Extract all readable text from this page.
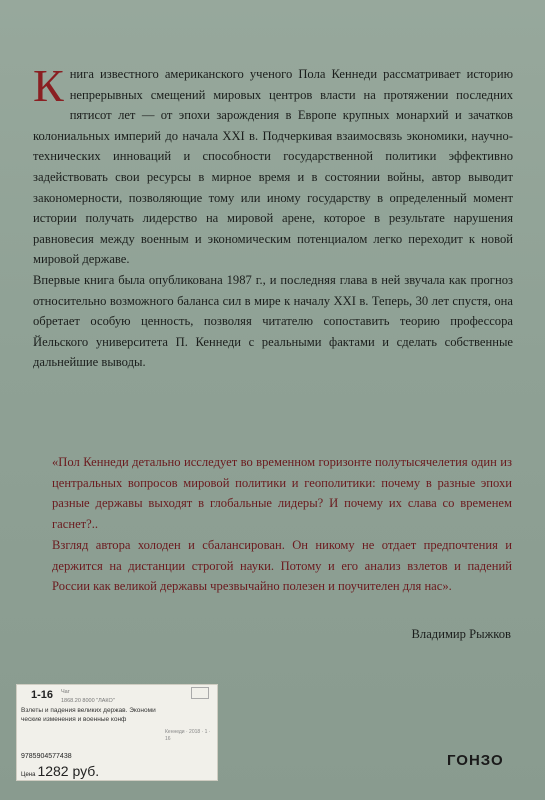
Книга известного американского ученого Пола Кеннеди рассматривает историю непрерывных смещений мировых центров власти на протяжении последних пятисот лет — от эпохи зарождения в Европе крупных монархий и зачатков колониальных империй до начала XXI в. Подчеркивая взаимосвязь экономики, научно-технических инноваций и способности государственной политики эффективно задействовать свои ресурсы в мирное время и в состоянии войны, автор выводит закономерности, позволяющие тому или иному государству в определенный момент истории получать лидерство на мировой арене, которое в результате нарушения равновесия между военным и экономическим потенциалом легко переходит к новой мировой державе.

Впервые книга была опубликована 1987 г., и последняя глава в ней звучала как прогноз относительно возможного баланса сил в мире к началу XXI в. Теперь, 30 лет спустя, она обретает особую ценность, позволяя читателю сопоставить теорию профессора Йельского университета П. Кеннеди с реальными фактами и сделать собственные дальнейшие выводы.

«Пол Кеннеди детально исследует во временном горизонте полутысячелетия один из центральных вопросов мировой политики и геополитики: почему в разные эпохи разные державы выходят в глобальные лидеры? И почему их слава со временем гаснет?..

Взгляд автора холоден и сбалансирован. Он никому не отдает предпочтения и держится на дистанции строгой науки. Потому и его анализ взлетов и падений России как великой державы чрезвычайно полезен и поучителен для нас».

Владимир Рыжков
1-16 Чаг
1868.20 8000 "ЛАКО"
Взлеты и падения великих держав. Экономи
ческие изменения и военные конф
Кеннеди · 2018 · 1 · 16
9785904577438
Цена 1282 руб.
ГОНЗО
